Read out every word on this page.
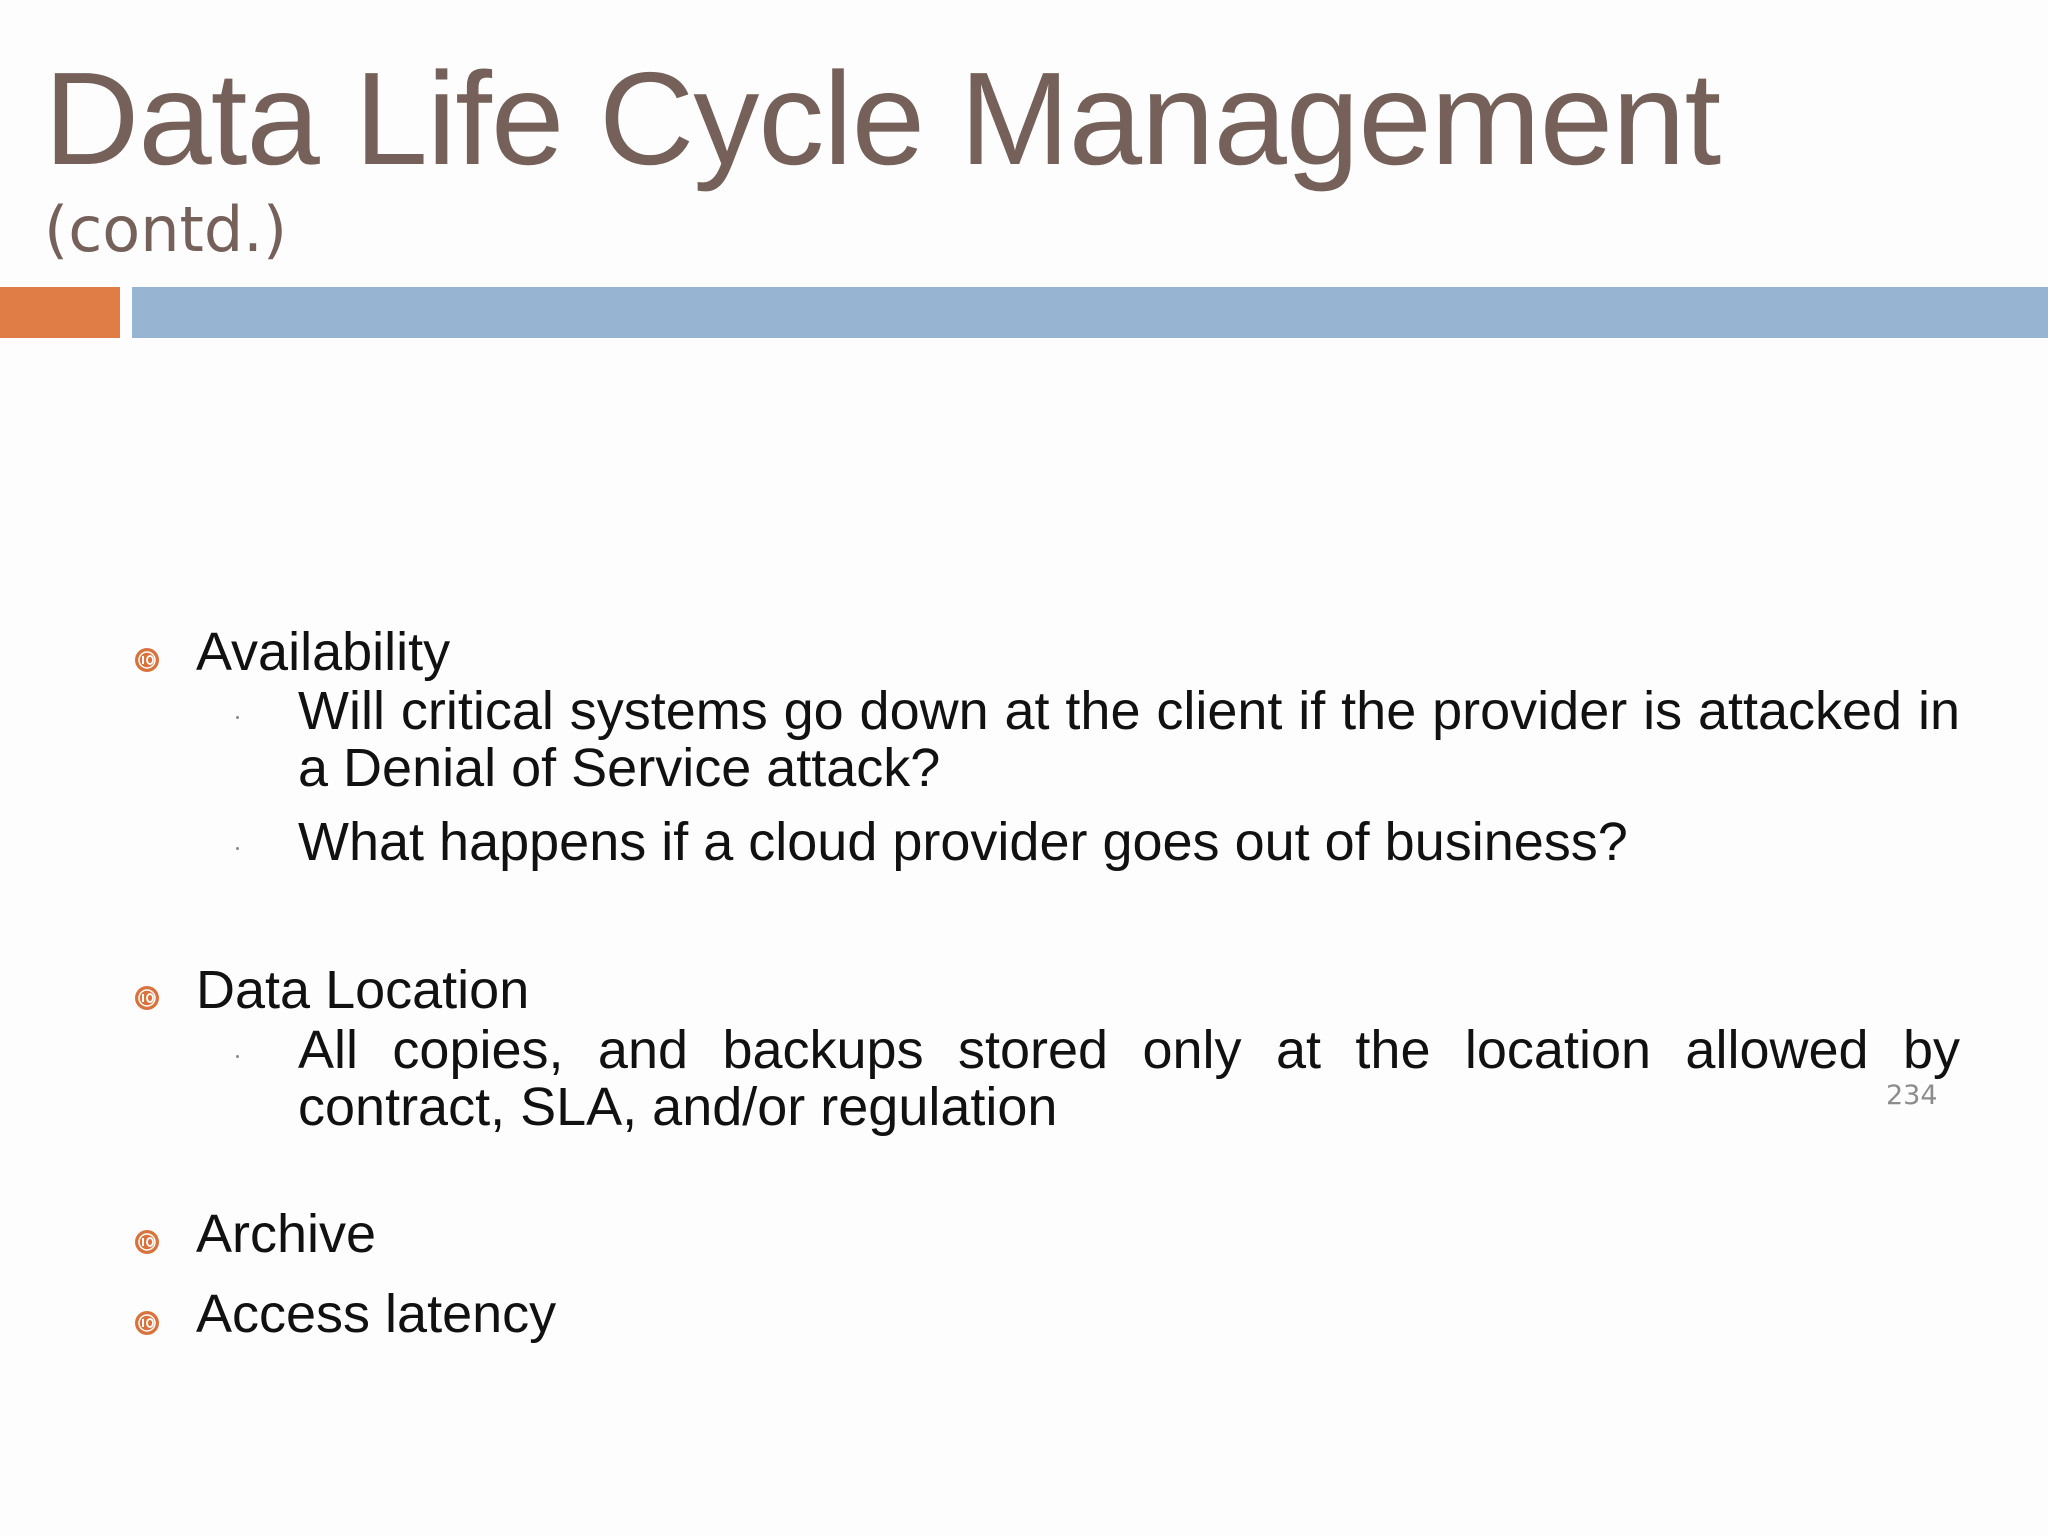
Data Life Cycle Management
(contd.)
Availability

Will critical systems go down at the client if the provider is attacked in a Denial of Service attack?

What happens if a cloud provider goes out of business?

Data Location

All copies, and backups stored only at the location allowed by contract, SLA, and/or regulation

Archive
Access latency
234
